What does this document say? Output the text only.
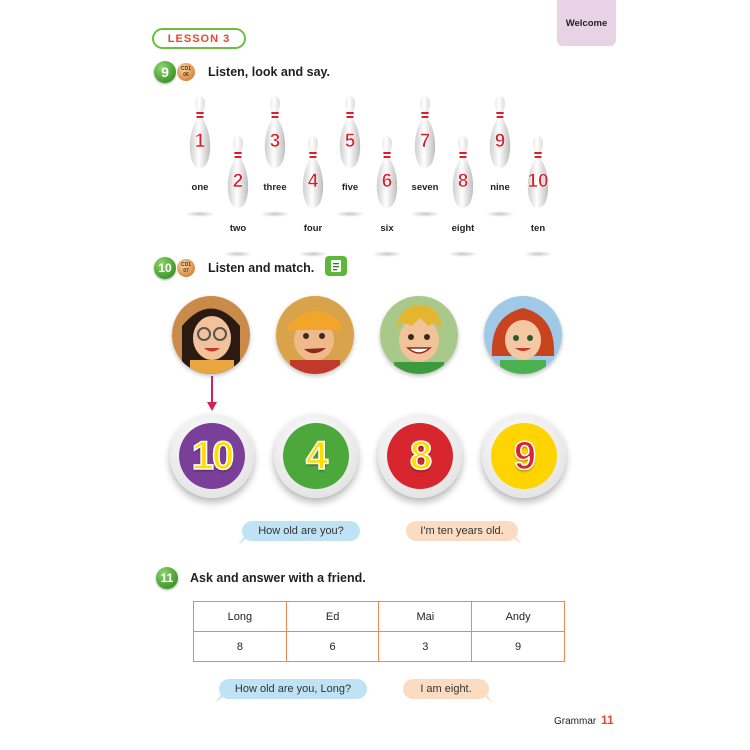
Welcome
LESSON 3
9	CD1
06 Listen, look and say.
1
one	2
two
3
three	4
four
5
five	6
six
7
seven	8
eight
9
nine 10
ten
10	CD1
07 Listen and match.
10	4	8	9
How old are you?	I'm ten years old.
11	Ask and answer with a friend.
Long	Ed	Mai	Andy
8	6	3	9
How old are you, Long?	I am eight.
Grammar 11
